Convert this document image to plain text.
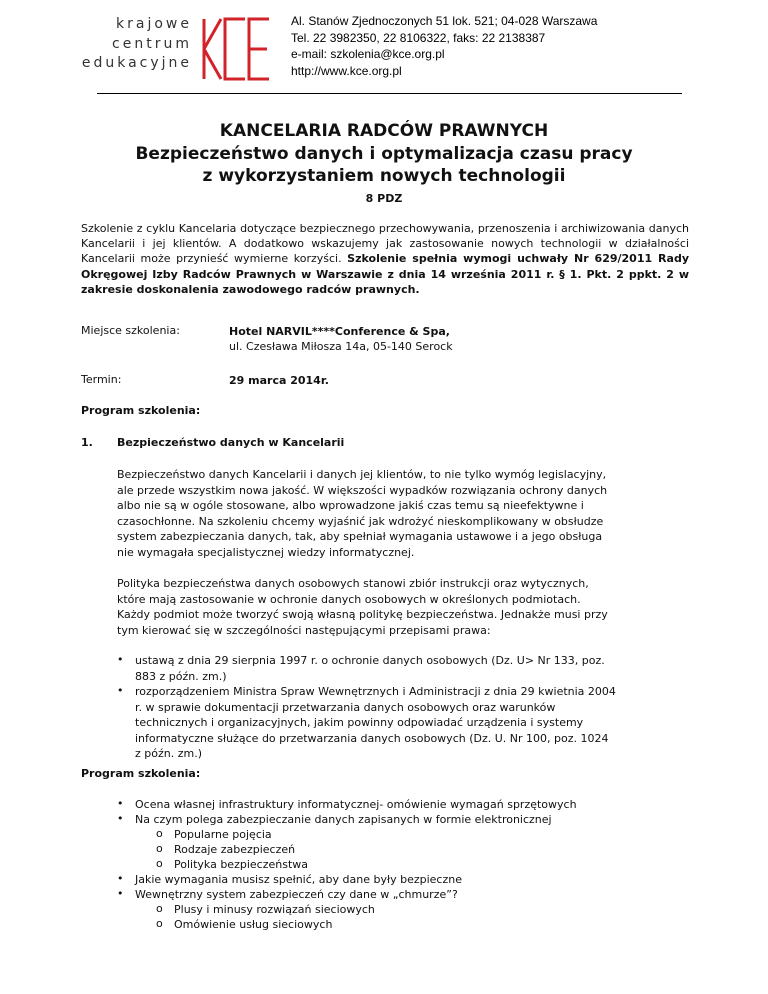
krajowe
centrum
edukacyjne
Al. Stanów Zjednoczonych 51 lok. 521; 04-028 Warszawa
Tel. 22 3982350, 22 8106322, faks: 22 2138387
e-mail: szkolenia@kce.org.pl
http://www.kce.org.pl
KANCELARIA RADCÓW PRAWNYCH
Bezpieczeństwo danych i optymalizacja czasu pracy
z wykorzystaniem nowych technologii
8 PDZ
Szkolenie z cyklu Kancelaria dotyczące bezpiecznego przechowywania, przenoszenia i archiwizowania danych Kancelarii i jej klientów. A dodatkowo wskazujemy jak zastosowanie nowych technologii w działalności Kancelarii może przynieść wymierne korzyści. Szkolenie spełnia wymogi uchwały Nr 629/2011 Rady Okręgowej Izby Radców Prawnych w Warszawie z dnia 14 września 2011 r. § 1. Pkt. 2 ppkt. 2 w zakresie doskonalenia zawodowego radców prawnych.
Miejsce szkolenia:	Hotel NARVIL****Conference & Spa,
ul. Czesława Miłosza 14a, 05-140 Serock
Termin:	29 marca 2014r.
Program szkolenia:
1. Bezpieczeństwo danych w Kancelarii
Bezpieczeństwo danych Kancelarii i danych jej klientów, to nie tylko wymóg legislacyjny,
ale przede wszystkim nowa jakość. W większości wypadków rozwiązania ochrony danych
albo nie są w ogóle stosowane, albo wprowadzone jakiś czas temu są nieefektywne i
czasochłonne. Na szkoleniu chcemy wyjaśnić jak wdrożyć nieskomplikowany w obsłudze
system zabezpieczania danych, tak, aby spełniał wymagania ustawowe i a jego obsługa
nie wymagała specjalistycznej wiedzy informatycznej.
Polityka bezpieczeństwa danych osobowych stanowi zbiór instrukcji oraz wytycznych,
które mają zastosowanie w ochronie danych osobowych w określonych podmiotach.
Każdy podmiot może tworzyć swoją własną politykę bezpieczeństwa. Jednakże musi przy
tym kierować się w szczególności następującymi przepisami prawa:
• ustawą z dnia 29 sierpnia 1997 r. o ochronie danych osobowych (Dz. U> Nr 133, poz.
883 z późn. zm.)
• rozporządzeniem Ministra Spraw Wewnętrznych i Administracji z dnia 29 kwietnia 2004
r. w sprawie dokumentacji przetwarzania danych osobowych oraz warunków
technicznych i organizacyjnych, jakim powinny odpowiadać urządzenia i systemy
informatyczne służące do przetwarzania danych osobowych (Dz. U. Nr 100, poz. 1024
z późn. zm.)
Program szkolenia:
• Ocena własnej infrastruktury informatycznej- omówienie wymagań sprzętowych
• Na czym polega zabezpieczanie danych zapisanych w formie elektronicznej
o Popularne pojęcia
o Rodzaje zabezpieczeń
o Polityka bezpieczeństwa
• Jakie wymagania musisz spełnić, aby dane były bezpieczne
• Wewnętrzny system zabezpieczeń czy dane w „chmurze”?
o Plusy i minusy rozwiązań sieciowych
o Omówienie usług sieciowych
